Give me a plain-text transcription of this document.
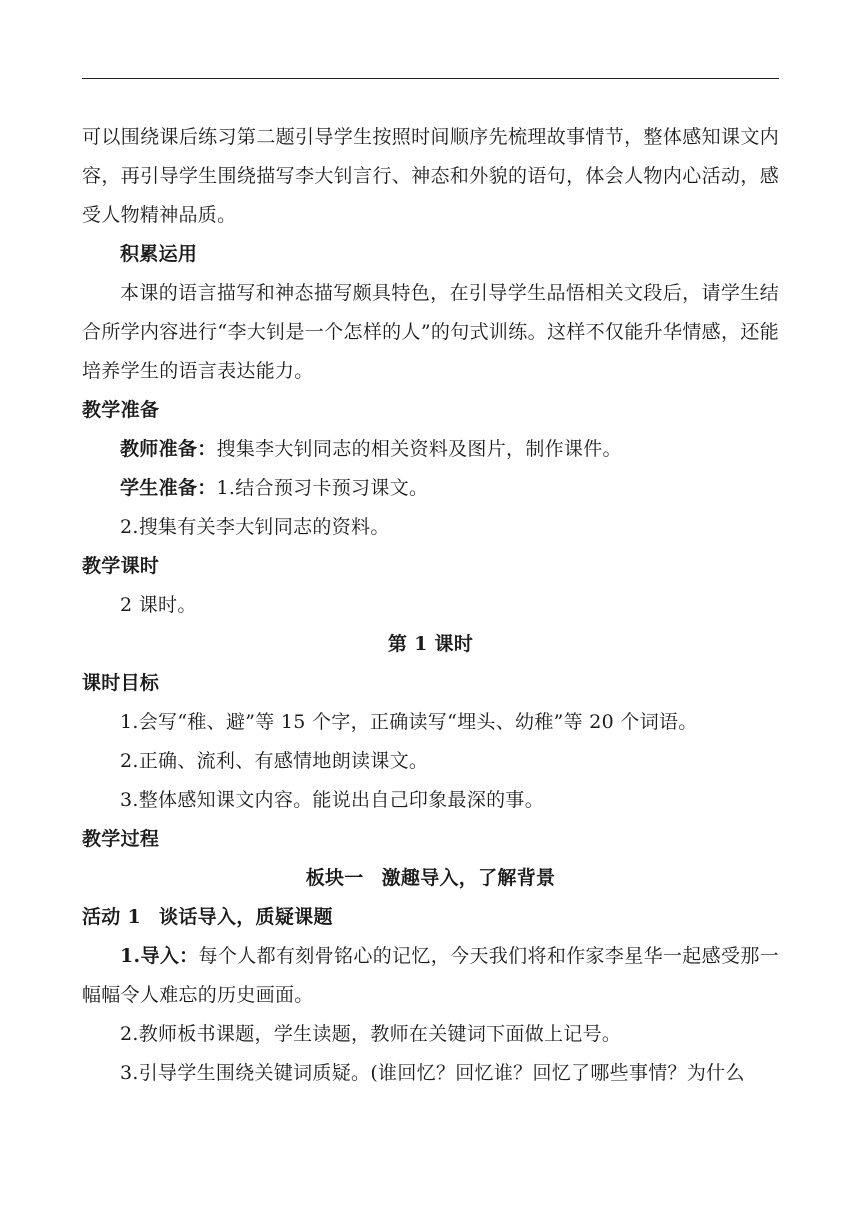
可以围绕课后练习第二题引导学生按照时间顺序先梳理故事情节，整体感知课文内容，再引导学生围绕描写李大钊言行、神态和外貌的语句，体会人物内心活动，感受人物精神品质。

积累运用

本课的语言描写和神态描写颇具特色，在引导学生品悟相关文段后，请学生结合所学内容进行“李大钊是一个怎样的人”的句式训练。这样不仅能升华情感，还能培养学生的语言表达能力。

教学准备

教师准备：搜集李大钊同志的相关资料及图片，制作课件。

学生准备：1.结合预习卡预习课文。

2.搜集有关李大钊同志的资料。

教学课时

2 课时。

第 1 课时

课时目标

1.会写“稚、避”等 15 个字，正确读写“埋头、幼稚”等 20 个词语。

2.正确、流利、有感情地朗读课文。

3.整体感知课文内容。能说出自己印象最深的事。

教学过程

板块一 激趣导入，了解背景

活动 1 谈话导入，质疑课题

1.导入：每个人都有刻骨铭心的记忆，今天我们将和作家李星华一起感受那一幅幅令人难忘的历史画面。

2.教师板书课题，学生读题，教师在关键词下面做上记号。

3.引导学生围绕关键词质疑。(谁回忆？回忆谁？回忆了哪些事情？为什么
